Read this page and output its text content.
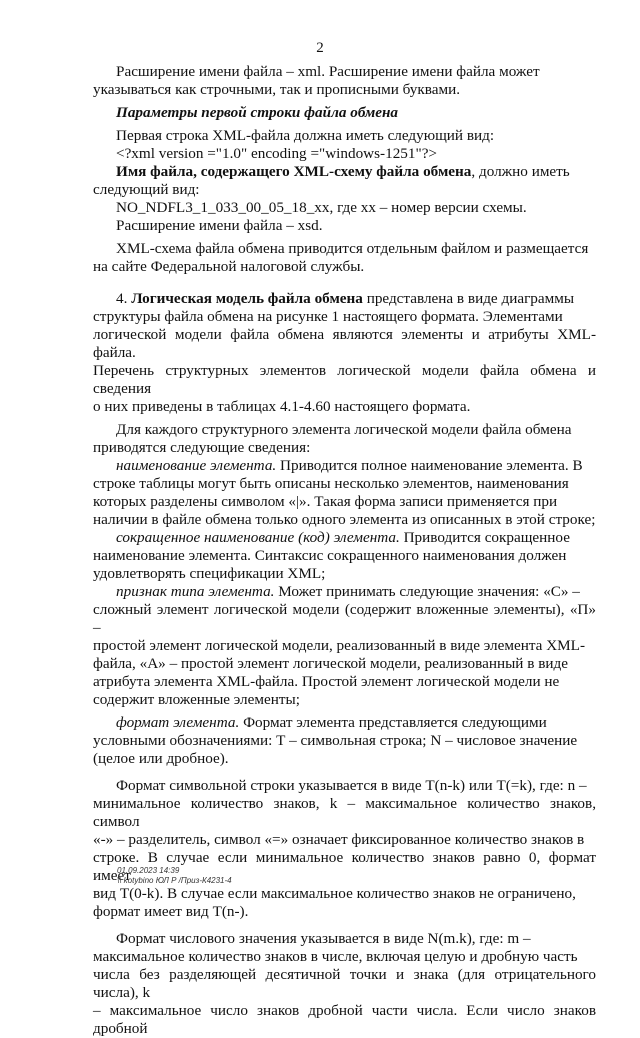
2
Расширение имени файла – xml. Расширение имени файла может
указываться как строчными, так и прописными буквами.
Параметры первой строки файла обмена
Первая строка XML-файла должна иметь следующий вид:
<?xml version ="1.0" encoding ="windows-1251"?>
Имя файла, содержащего XML-схему файла обмена, должно иметь
следующий вид:
NO_NDFL3_1_033_00_05_18_xx, где хх – номер версии схемы.
Расширение имени файла – xsd.
XML-схема файла обмена приводится отдельным файлом и размещается
на сайте Федеральной налоговой службы.
4. Логическая модель файла обмена представлена в виде диаграммы
структуры файла обмена на рисунке 1 настоящего формата. Элементами
логической модели файла обмена являются элементы и атрибуты XML-файла.
Перечень структурных элементов логической модели файла обмена и сведения
о них приведены в таблицах 4.1-4.60 настоящего формата.
Для каждого структурного элемента логической модели файла обмена
приводятся следующие сведения:
наименование элемента. Приводится полное наименование элемента. В
строке таблицы могут быть описаны несколько элементов, наименования
которых разделены символом «|». Такая форма записи применяется при
наличии в файле обмена только одного элемента из описанных в этой строке;
сокращенное наименование (код) элемента. Приводится сокращенное
наименование элемента. Синтаксис сокращенного наименования должен
удовлетворять спецификации XML;
признак типа элемента. Может принимать следующие значения: «С» –
сложный элемент логической модели (содержит вложенные элементы), «П» –
простой элемент логической модели, реализованный в виде элемента XML-
файла, «А» – простой элемент логической модели, реализованный в виде
атрибута элемента XML-файла. Простой элемент логической модели не
содержит вложенные элементы;
формат элемента. Формат элемента представляется следующими
условными обозначениями: Т – символьная строка; N – числовое значение
(целое или дробное).
Формат символьной строки указывается в виде Т(n-k) или T(=k), где: n –
минимальное количество знаков, k – максимальное количество знаков, символ
«-» – разделитель, символ «=» означает фиксированное количество знаков в
строке. В случае если минимальное количество знаков равно 0, формат имеет
вид Т(0-k). В случае если максимальное количество знаков не ограничено,
формат имеет вид Т(n-).
Формат числового значения указывается в виде N(m.k), где: m –
максимальное количество знаков в числе, включая целую и дробную часть
числа без разделяющей десятичной точки и знака (для отрицательного числа), k
– максимальное число знаков дробной части числа. Если число знаков дробной
01.09.2023 14:39
\\ kotybino ЮЛ Р /Приз-К4231-4
